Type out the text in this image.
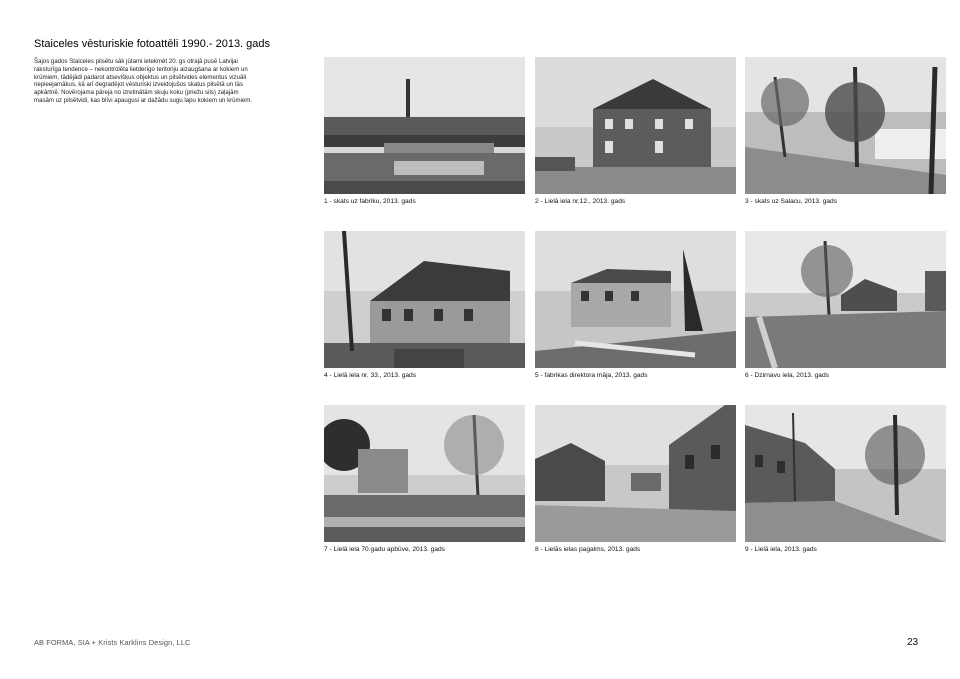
Staiceles vēsturiskie fotoattēli 1990.- 2013. gads
Šajos gados Staiceles pilsētu sāk jūtami ietekmēt 20. gs otrajā pusē Latvijai raksturīga tendence – nekontrolēta lietderīgo teritoriju aizaugšana ar kokiem un krūmiem, tādējādi padarot atsevišķus objektus un pilsētvides elementus vizuāli nepieejamākus, kā arī degradējot vēsturiski izveidojušos skatus pilsētā un tās apkārtnē. Novērojama pāreja no izretinātām skuju koku (priežu sils) zaļajām masām uz pilsētvidi, kas blīvi apaugusi ar dažādu sugu lapu kokiem un krūmiem.
1 - skats uz fabriku, 2013. gads	2 - Lielā iela nr.12., 2013. gads	3 - skats uz Salacu, 2013. gads
4 - Lielā iela nr. 33., 2013. gads	5 - fabrikas direktora māja, 2013. gads	6 - Dzirnavu iela, 2013. gads
7 - Lielā iela 70.gadu apbūve, 2013. gads	8 - Lielās ielas pagalms, 2013. gads	9 - Lielā iela, 2013. gads
AB FORMA, SIA + Krists Karklins Design, LLC	23
